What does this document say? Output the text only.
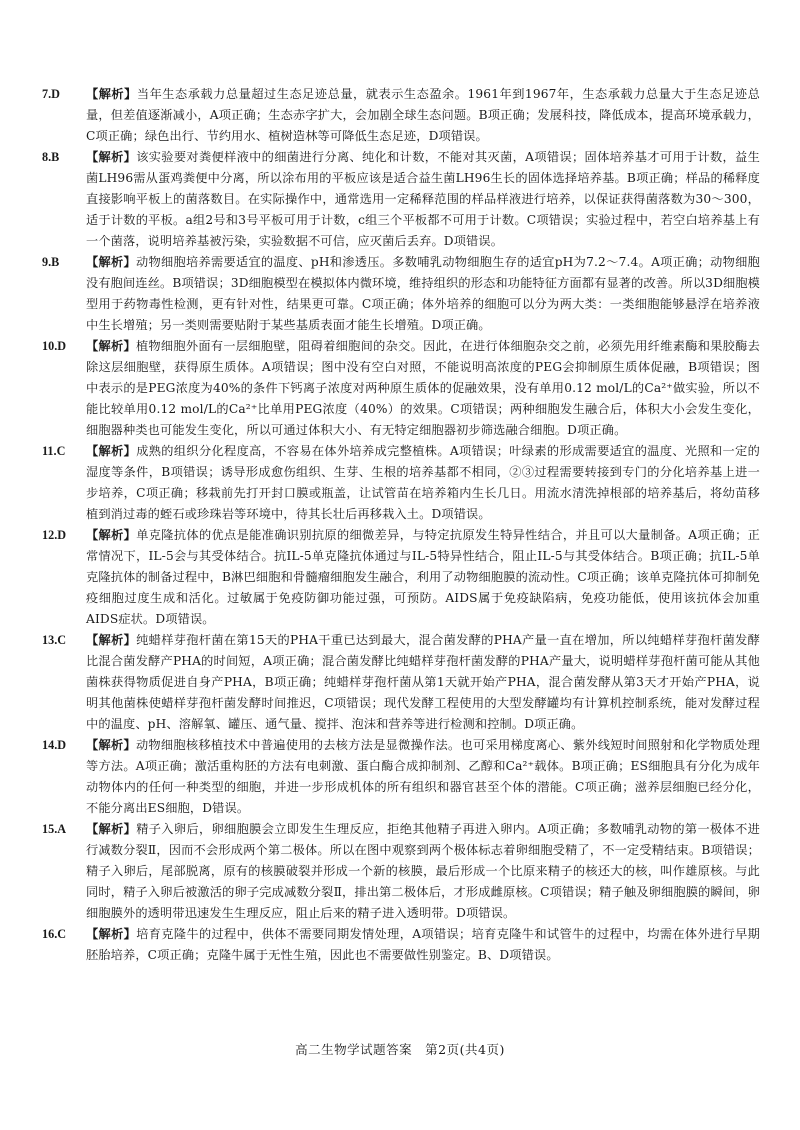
7.D	【解析】当年生态承载力总量超过生态足迹总量，就表示生态盈余。1961年到1967年，生态承载力总量大于生态足迹总量，但差值逐渐减小，A项正确；生态赤字扩大，会加剧全球生态问题。B项正确；发展科技，降低成本，提高环境承载力，C项正确；绿色出行、节约用水、植树造林等可降低生态足迹，D项错误。
8.B	【解析】该实验要对粪便样液中的细菌进行分离、纯化和计数，不能对其灭菌，A项错误；固体培养基才可用于计数，益生菌LH96需从蛋鸡粪便中分离，所以涂布用的平板应该是适合益生菌LH96生长的固体选择培养基。B项正确；样品的稀释度直接影响平板上的菌落数目。在实际操作中，通常选用一定稀释范围的样品样液进行培养，以保证获得菌落数为30～300，适于计数的平板。a组2号和3号平板可用于计数，c组三个平板都不可用于计数。C项错误；实验过程中，若空白培养基上有一个菌落，说明培养基被污染，实验数据不可信，应灭菌后丢弃。D项错误。
9.B	【解析】动物细胞培养需要适宜的温度、pH和渗透压。多数哺乳动物细胞生存的适宜pH为7.2～7.4。A项正确；动物细胞没有胞间连丝。B项错误；3D细胞模型在模拟体内微环境，维持组织的形态和功能特征方面都有显著的改善。所以3D细胞模型用于药物毒性检测，更有针对性，结果更可靠。C项正确；体外培养的细胞可以分为两大类：一类细胞能够悬浮在培养液中生长增殖；另一类则需要贴附于某些基质表面才能生长增殖。D项正确。
10.D	【解析】植物细胞外面有一层细胞壁，阻碍着细胞间的杂交。因此，在进行体细胞杂交之前，必须先用纤维素酶和果胶酶去除这层细胞壁，获得原生质体。A项错误；图中没有空白对照，不能说明高浓度的PEG会抑制原生质体促融，B项错误；图中表示的是PEG浓度为40%的条件下钙离子浓度对两种原生质体的促融效果，没有单用0.12 mol/L的Ca²⁺做实验，所以不能比较单用0.12 mol/L的Ca²⁺比单用PEG浓度（40%）的效果。C项错误；两种细胞发生融合后，体积大小会发生变化，细胞器种类也可能发生变化，所以可通过体积大小、有无特定细胞器初步筛选融合细胞。D项正确。
11.C	【解析】成熟的组织分化程度高，不容易在体外培养成完整植株。A项错误；叶绿素的形成需要适宜的温度、光照和一定的湿度等条件，B项错误；诱导形成愈伤组织、生芽、生根的培养基都不相同，②③过程需要转接到专门的分化培养基上进一步培养，C项正确；移栽前先打开封口膜或瓶盖，让试管苗在培养箱内生长几日。用流水清洗掉根部的培养基后，将幼苗移植到消过毒的蛭石或珍珠岩等环境中，待其长壮后再移栽入土。D项错误。
12.D	【解析】单克隆抗体的优点是能准确识别抗原的细微差异，与特定抗原发生特异性结合，并且可以大量制备。A项正确；正常情况下，IL-5会与其受体结合。抗IL-5单克隆抗体通过与IL-5特异性结合，阻止IL-5与其受体结合。B项正确；抗IL-5单克隆抗体的制备过程中，B淋巴细胞和骨髓瘤细胞发生融合，利用了动物细胞膜的流动性。C项正确；该单克隆抗体可抑制免疫细胞过度生成和活化。过敏属于免疫防御功能过强，可预防。AIDS属于免疫缺陷病，免疫功能低，使用该抗体会加重AIDS症状。D项错误。
13.C	【解析】纯蜡样芽孢杆菌在第15天的PHA干重已达到最大，混合菌发酵的PHA产量一直在增加，所以纯蜡样芽孢杆菌发酵比混合菌发酵产PHA的时间短，A项正确；混合菌发酵比纯蜡样芽孢杆菌发酵的PHA产量大，说明蜡样芽孢杆菌可能从其他菌株获得物质促进自身产PHA，B项正确；纯蜡样芽孢杆菌从第1天就开始产PHA，混合菌发酵从第3天才开始产PHA，说明其他菌株使蜡样芽孢杆菌发酵时间推迟，C项错误；现代发酵工程使用的大型发酵罐均有计算机控制系统，能对发酵过程中的温度、pH、溶解氧、罐压、通气量、搅拌、泡沫和营养等进行检测和控制。D项正确。
14.D	【解析】动物细胞核移植技术中普遍使用的去核方法是显微操作法。也可采用梯度离心、紫外线短时间照射和化学物质处理等方法。A项正确；激活重构胚的方法有电刺激、蛋白酶合成抑制剂、乙醇和Ca²⁺载体。B项正确；ES细胞具有分化为成年动物体内的任何一种类型的细胞，并进一步形成机体的所有组织和器官甚至个体的潜能。C项正确；滋养层细胞已经分化，不能分离出ES细胞，D错误。
15.A	【解析】精子入卵后，卵细胞膜会立即发生生理反应，拒绝其他精子再进入卵内。A项正确；多数哺乳动物的第一极体不进行减数分裂Ⅱ，因而不会形成两个第二极体。所以在图中观察到两个极体标志着卵细胞受精了，不一定受精结束。B项错误；精子入卵后，尾部脱离，原有的核膜破裂并形成一个新的核膜，最后形成一个比原来精子的核还大的核，叫作雄原核。与此同时，精子入卵后被激活的卵子完成减数分裂Ⅱ，排出第二极体后，才形成雌原核。C项错误；精子触及卵细胞膜的瞬间，卵细胞膜外的透明带迅速发生生理反应，阻止后来的精子进入透明带。D项错误。
16.C	【解析】培育克隆牛的过程中，供体不需要同期发情处理，A项错误；培育克隆牛和试管牛的过程中，均需在体外进行早期胚胎培养，C项正确；克隆牛属于无性生殖，因此也不需要做性别鉴定。B、D项错误。
高二生物学试题答案　第2页(共4页)
